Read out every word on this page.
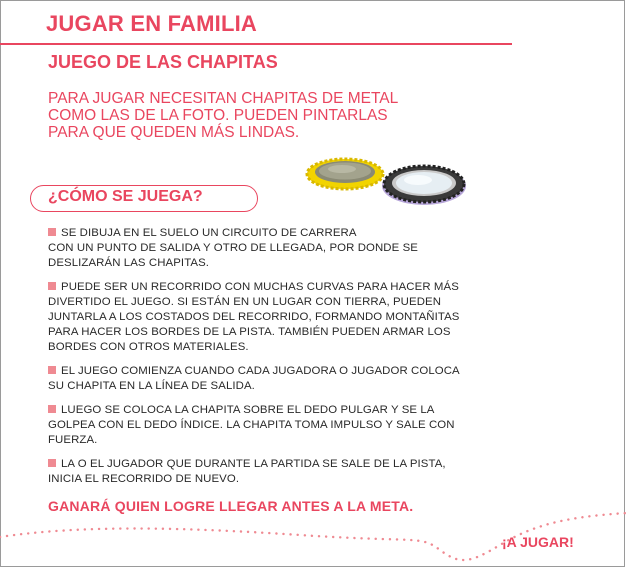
JUGAR EN FAMILIA
JUEGO DE LAS CHAPITAS

PARA JUGAR NECESITAN CHAPITAS DE METAL
COMO LAS DE LA FOTO. PUEDEN PINTARLAS
PARA QUE QUEDEN MÁS LINDAS.

¿CÓMO SE JUEGA?
SE DIBUJA EN EL SUELO UN CIRCUITO DE CARRERA
CON UN PUNTO DE SALIDA Y OTRO DE LLEGADA, POR DONDE SE
DESLIZARÁN LAS CHAPITAS.
PUEDE SER UN RECORRIDO CON MUCHAS CURVAS PARA HACER MÁS
DIVERTIDO EL JUEGO. SI ESTÁN EN UN LUGAR CON TIERRA, PUEDEN
JUNTARLA A LOS COSTADOS DEL RECORRIDO, FORMANDO MONTAÑITAS
PARA HACER LOS BORDES DE LA PISTA. TAMBIÉN PUEDEN ARMAR LOS
BORDES CON OTROS MATERIALES.
EL JUEGO COMIENZA CUANDO CADA JUGADORA O JUGADOR COLOCA
SU CHAPITA EN LA LÍNEA DE SALIDA.
LUEGO SE COLOCA LA CHAPITA SOBRE EL DEDO PULGAR Y SE LA
GOLPEA CON EL DEDO ÍNDICE. LA CHAPITA TOMA IMPULSO Y SALE CON
FUERZA.
LA O EL JUGADOR QUE DURANTE LA PARTIDA SE SALE DE LA PISTA,
INICIA EL RECORRIDO DE NUEVO.

GANARÁ QUIEN LOGRE LLEGAR ANTES A LA META.

¡A JUGAR!
